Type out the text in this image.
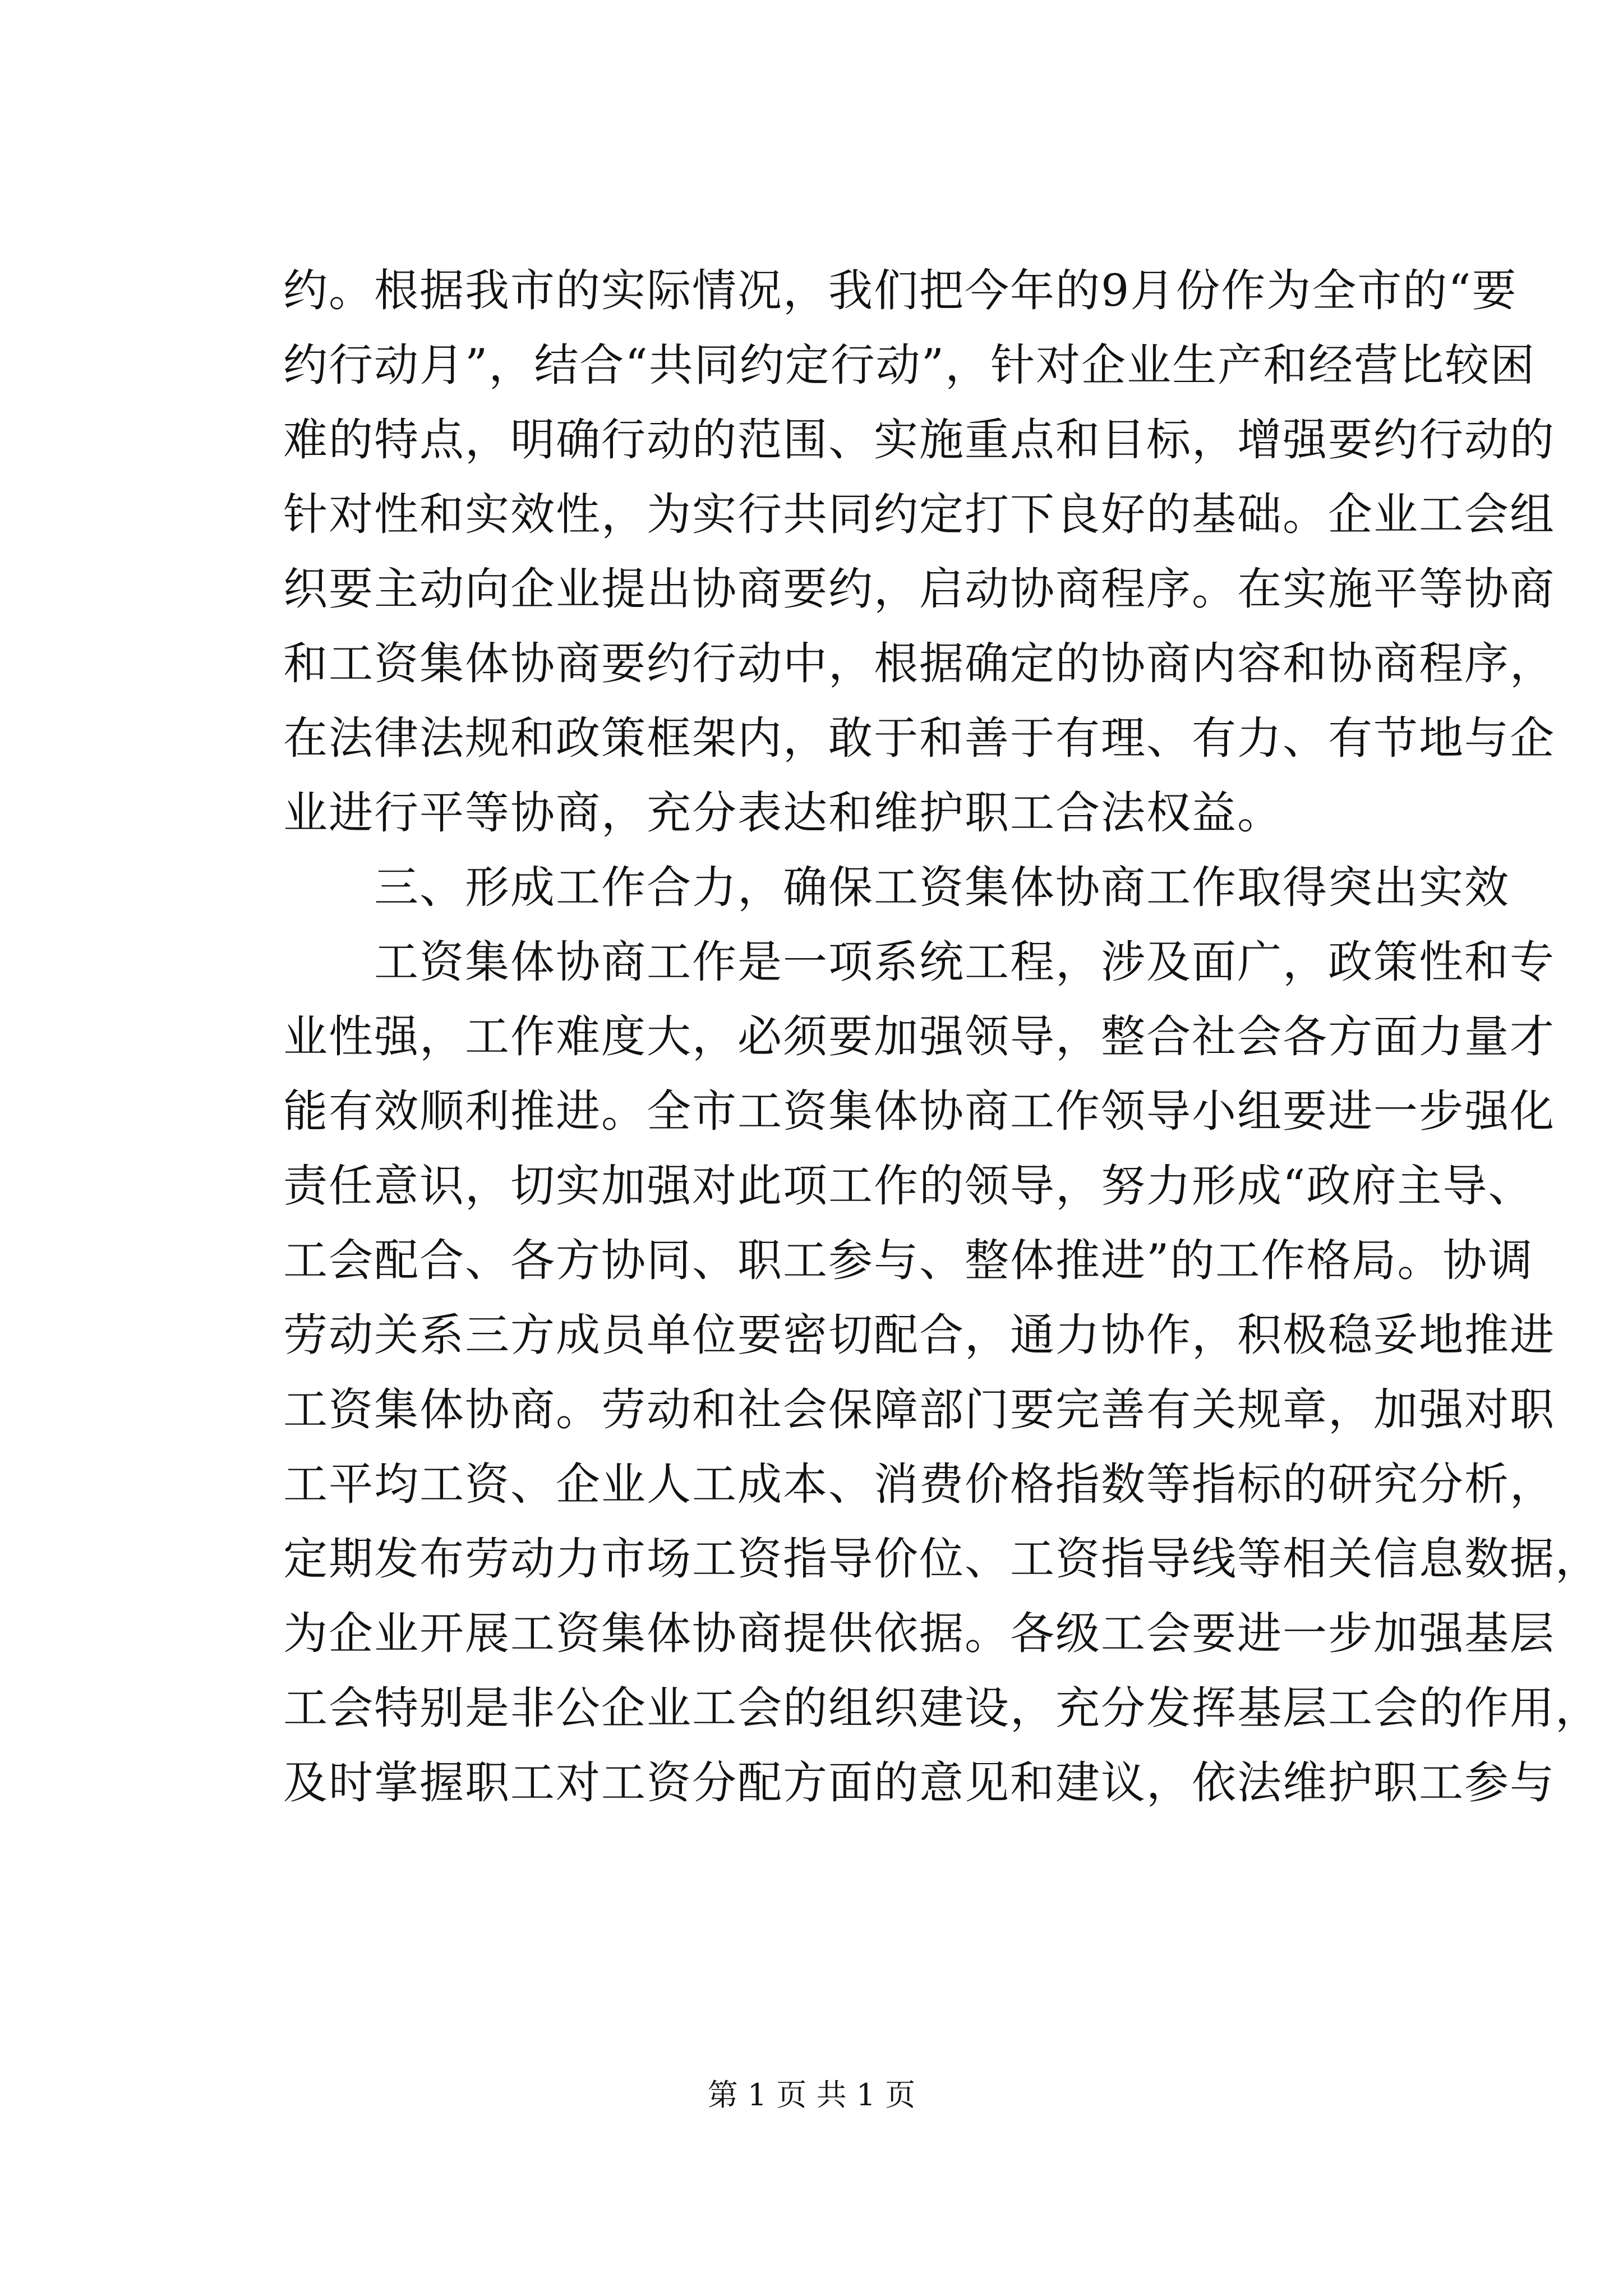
约。根据我市的实际情况，我们把今年的9月份作为全市的“要
约行动月”，结合“共同约定行动”，针对企业生产和经营比较困
难的特点，明确行动的范围、实施重点和目标，增强要约行动的
针对性和实效性，为实行共同约定打下良好的基础。企业工会组
织要主动向企业提出协商要约，启动协商程序。在实施平等协商
和工资集体协商要约行动中，根据确定的协商内容和协商程序，
在法律法规和政策框架内，敢于和善于有理、有力、有节地与企
业进行平等协商，充分表达和维护职工合法权益。
　　三、形成工作合力，确保工资集体协商工作取得突出实效
　　工资集体协商工作是一项系统工程，涉及面广，政策性和专
业性强，工作难度大，必须要加强领导，整合社会各方面力量才
能有效顺利推进。全市工资集体协商工作领导小组要进一步强化
责任意识，切实加强对此项工作的领导，努力形成“政府主导、
工会配合、各方协同、职工参与、整体推进”的工作格局。协调
劳动关系三方成员单位要密切配合，通力协作，积极稳妥地推进
工资集体协商。劳动和社会保障部门要完善有关规章，加强对职
工平均工资、企业人工成本、消费价格指数等指标的研究分析，
定期发布劳动力市场工资指导价位、工资指导线等相关信息数据，
为企业开展工资集体协商提供依据。各级工会要进一步加强基层
工会特别是非公企业工会的组织建设，充分发挥基层工会的作用，
及时掌握职工对工资分配方面的意见和建议，依法维护职工参与
第 1 页 共 1 页
